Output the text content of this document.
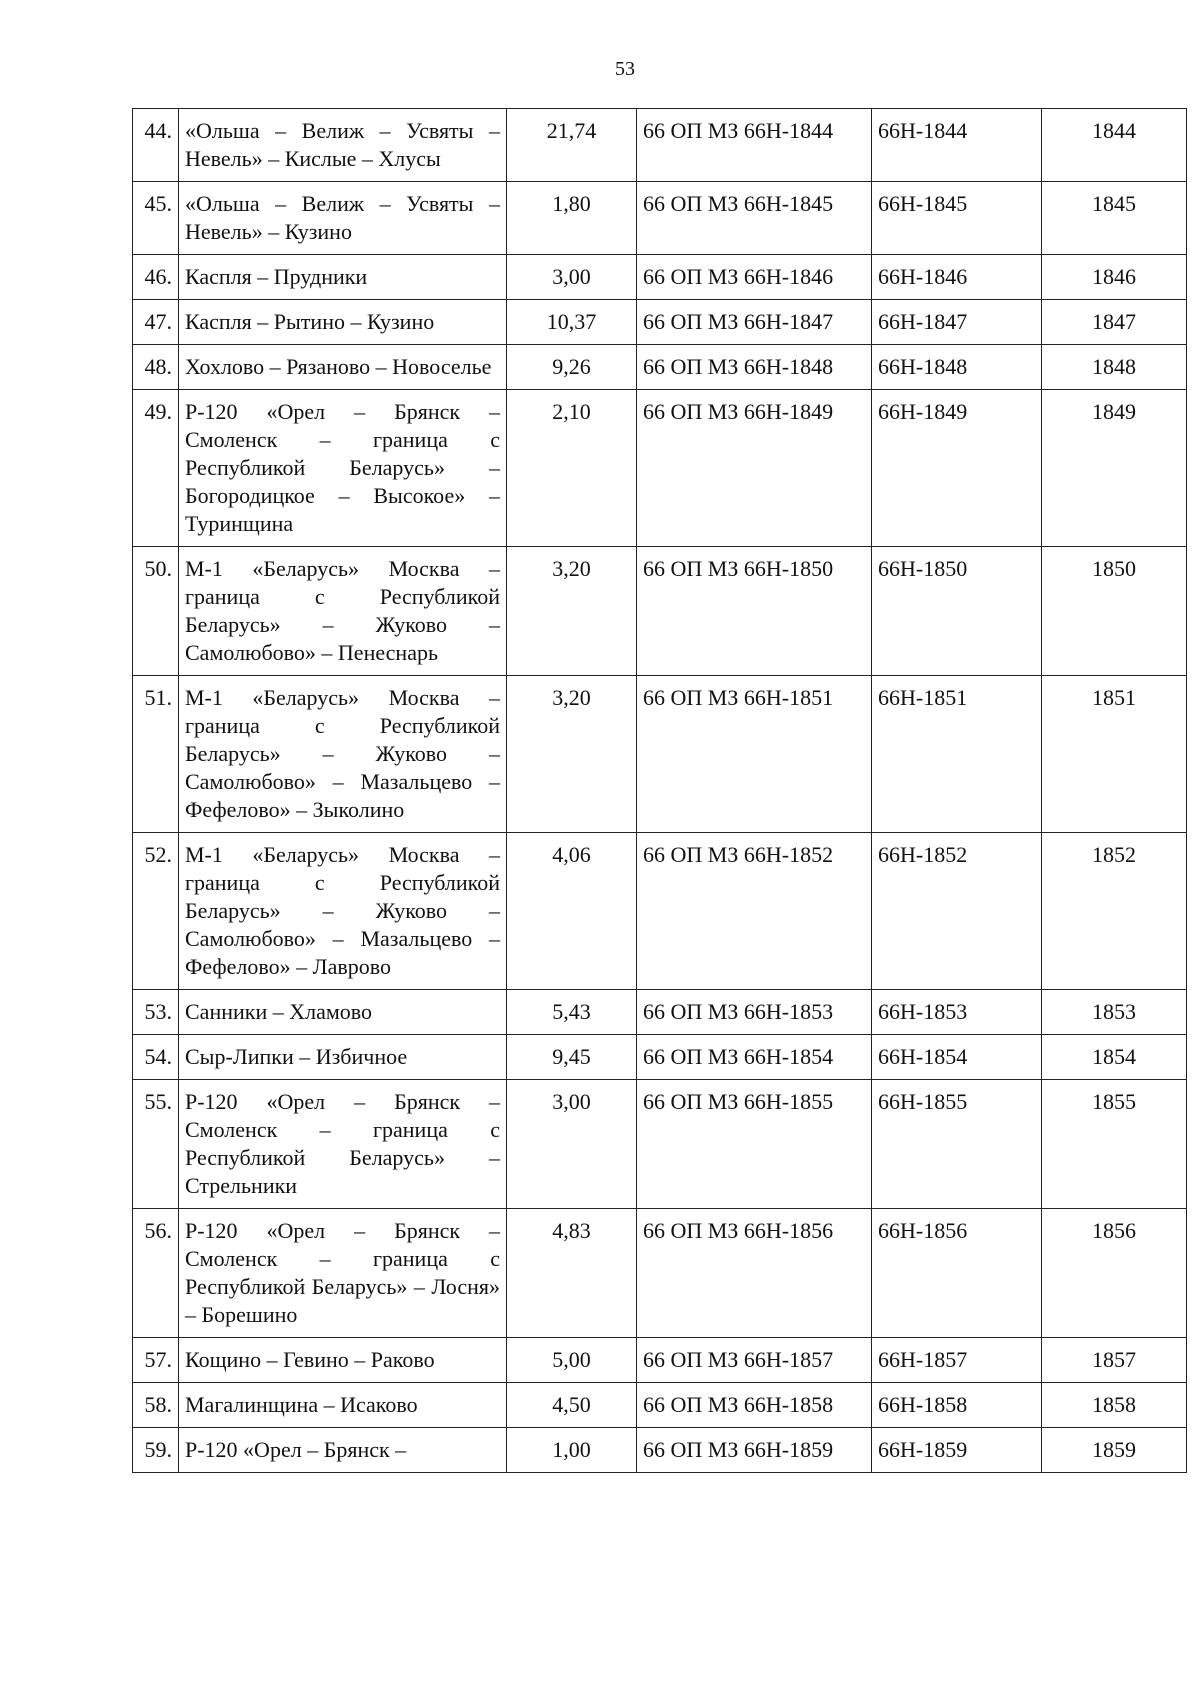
53
44.	«Ольша – Велиж – Усвяты – Невель» – Кислые – Хлусы	21,74	66 ОП МЗ 66Н-1844	66Н-1844	1844
45.	«Ольша – Велиж – Усвяты – Невель» – Кузино	1,80	66 ОП МЗ 66Н-1845	66Н-1845	1845
46.	Каспля – Прудники	3,00	66 ОП МЗ 66Н-1846	66Н-1846	1846
47.	Каспля – Рытино – Кузино	10,37	66 ОП МЗ 66Н-1847	66Н-1847	1847
48.	Хохлово – Рязаново – Новоселье	9,26	66 ОП МЗ 66Н-1848	66Н-1848	1848
49.	Р-120 «Орел – Брянск – Смоленск – граница с Республикой Беларусь» – Богородицкое – Высокое» – Туринщина	2,10	66 ОП МЗ 66Н-1849	66Н-1849	1849
50.	М-1 «Беларусь» Москва – граница с Республикой Беларусь» – Жуково – Самолюбово» – Пенеснарь	3,20	66 ОП МЗ 66Н-1850	66Н-1850	1850
51.	М-1 «Беларусь» Москва – граница с Республикой Беларусь» – Жуково – Самолюбово» – Мазальцево – Фефелово» – Зыколино	3,20	66 ОП МЗ 66Н-1851	66Н-1851	1851
52.	М-1 «Беларусь» Москва – граница с Республикой Беларусь» – Жуково – Самолюбово» – Мазальцево – Фефелово» – Лаврово	4,06	66 ОП МЗ 66Н-1852	66Н-1852	1852
53.	Санники – Хламово	5,43	66 ОП МЗ 66Н-1853	66Н-1853	1853
54.	Сыр-Липки – Избичное	9,45	66 ОП МЗ 66Н-1854	66Н-1854	1854
55.	Р-120 «Орел – Брянск – Смоленск – граница с Республикой Беларусь» – Стрельники	3,00	66 ОП МЗ 66Н-1855	66Н-1855	1855
56.	Р-120 «Орел – Брянск – Смоленск – граница с Республикой Беларусь» – Лосня» – Борешино	4,83	66 ОП МЗ 66Н-1856	66Н-1856	1856
57.	Кощино – Гевино – Раково	5,00	66 ОП МЗ 66Н-1857	66Н-1857	1857
58.	Магалинщина – Исаково	4,50	66 ОП МЗ 66Н-1858	66Н-1858	1858
59.	Р-120 «Орел – Брянск –	1,00	66 ОП МЗ 66Н-1859	66Н-1859	1859
